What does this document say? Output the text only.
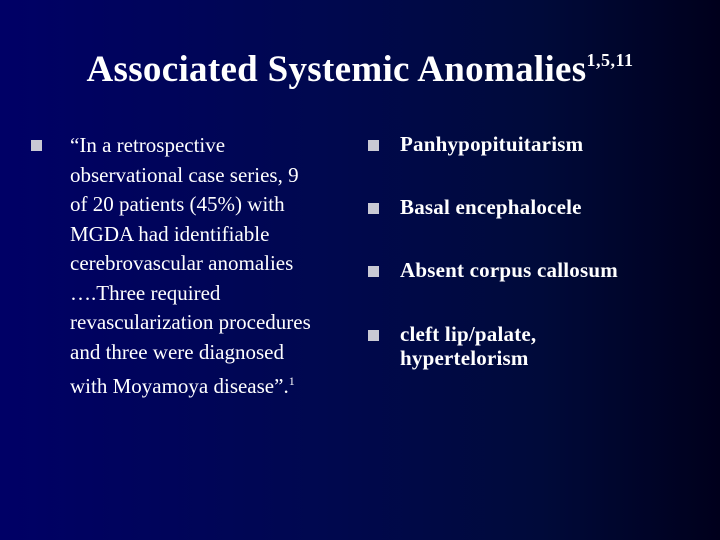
Associated Systemic Anomalies$^{1,5,11}$
“In a retrospective
observational case series, 9
of 20 patients (45%) with
MGDA had identifiable
cerebrovascular anomalies
….Three required
revascularization procedures
and three were diagnosed
with Moyamoya disease”.$^1$
Panhypopituitarism
Basal encephalocele
Absent corpus callosum
cleft lip/palate,
hypertelorism
